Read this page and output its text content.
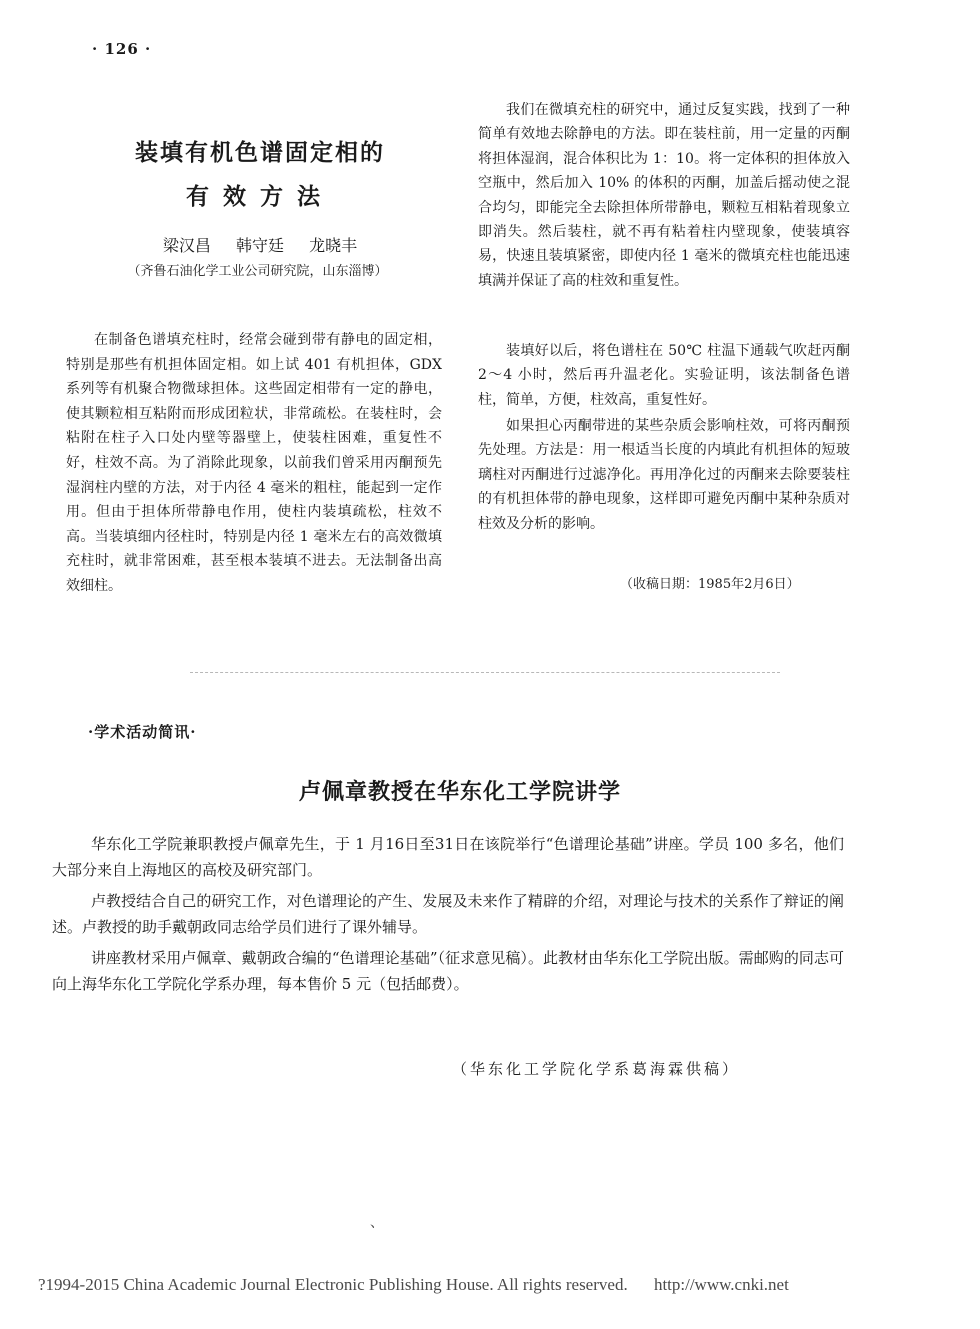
· 126 ·
装填有机色谱固定相的
有效方法
梁汉昌 韩守廷 龙晓丰
（齐鲁石油化学工业公司研究院，山东淄博）

在制备色谱填充柱时，经常会碰到带有静电的固定相，特别是那些有机担体固定相。如上试 401 有机担体，GDX 系列等有机聚合物微球担体。这些固定相带有一定的静电，使其颗粒相互粘附而形成团粒状，非常疏松。在装柱时，会粘附在柱子入口处内壁等器壁上，使装柱困难，重复性不好，柱效不高。为了消除此现象，以前我们曾采用丙酮预先湿润柱内壁的方法，对于内径 4 毫米的粗柱，能起到一定作用。但由于担体所带静电作用，使柱内装填疏松，柱效不高。当装填细内径柱时，特别是内径 1 毫米左右的高效微填充柱时，就非常困难，甚至根本装填不进去。无法制备出高效细柱。

我们在微填充柱的研究中，通过反复实践，找到了一种简单有效地去除静电的方法。即在装柱前，用一定量的丙酮将担体湿润，混合体积比为 1：10。将一定体积的担体放入空瓶中，然后加入 10% 的体积的丙酮，加盖后摇动使之混合均匀，即能完全去除担体所带静电，颗粒互相粘着现象立即消失。然后装柱，就不再有粘着柱内壁现象，使装填容易，快速且装填紧密，即使内径 1 毫米的微填充柱也能迅速填满并保证了高的柱效和重复性。

装填好以后，将色谱柱在 50℃ 柱温下通载气吹赶丙酮 2～4 小时，然后再升温老化。实验证明，该法制备色谱柱，简单，方便，柱效高，重复性好。

如果担心丙酮带进的某些杂质会影响柱效，可将丙酮预先处理。方法是：用一根适当长度的内填此有机担体的短玻璃柱对丙酮进行过滤净化。再用净化过的丙酮来去除要装柱的有机担体带的静电现象，这样即可避免丙酮中某种杂质对柱效及分析的影响。

（收稿日期：1985年2月6日）
·学术活动简讯·
卢佩章教授在华东化工学院讲学

华东化工学院兼职教授卢佩章先生，于 1 月16日至31日在该院举行“色谱理论基础”讲座。学员 100 多名，他们大部分来自上海地区的高校及研究部门。

卢教授结合自己的研究工作，对色谱理论的产生、发展及未来作了精辟的介绍，对理论与技术的关系作了辩证的阐述。卢教授的助手戴朝政同志给学员们进行了课外辅导。

讲座教材采用卢佩章、戴朝政合编的“色谱理论基础”（征求意见稿）。此教材由华东化工学院出版。需邮购的同志可向上海华东化工学院化学系办理，每本售价 5 元（包括邮费）。

（华东化工学院化学系葛海霖供稿）
、
?1994-2015 China Academic Journal Electronic Publishing House. All rights reserved. http://www.cnki.net
